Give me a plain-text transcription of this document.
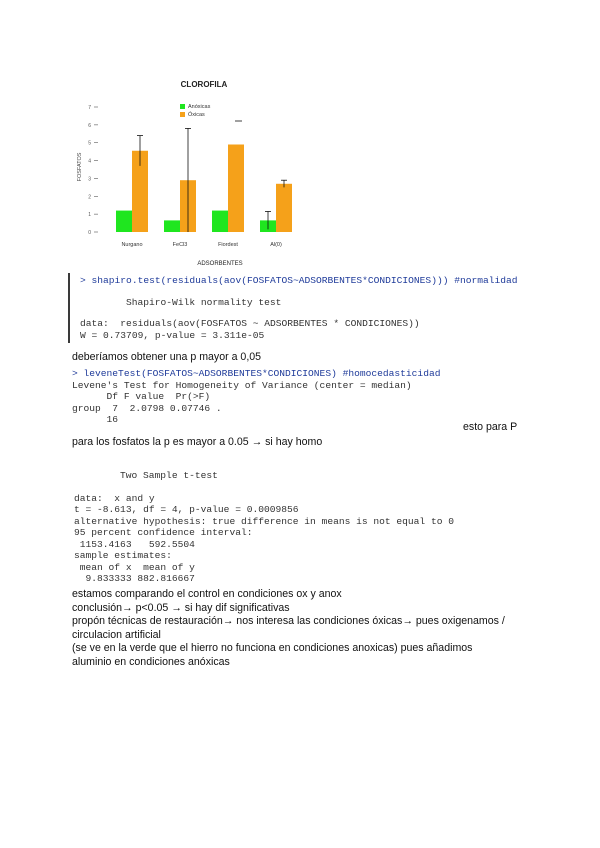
CLOROFILA
FOSFATOS
ADSORBENTES
0
1
2
3
4
5
6
7
Nurgano	FeCl3	Fiordest	Al(0)
Anóxicas
Óxicas
> shapiro.test(residuals(aov(FOSFATOS~ADSORBENTES*CONDICIONES))) #normalidad
Shapiro-Wilk normality test
data:  residuals(aov(FOSFATOS ~ ADSORBENTES * CONDICIONES))
W = 0.73709, p-value = 3.311e-05
deberíamos obtener una p mayor a 0,05
> leveneTest(FOSFATOS~ADSORBENTES*CONDICIONES) #homocedasticidad
Levene's Test for Homogeneity of Variance (center = median)
Df F value  Pr(>F)
group  7  2.0798 0.07746 .
16
esto para P
para los fosfatos la p es mayor a 0.05 → si hay homo
Two Sample t-test
data:  x and y
t = -8.613, df = 4, p-value = 0.0009856
alternative hypothesis: true difference in means is not equal to 0
95 percent confidence interval:
1153.4163   592.5504
sample estimates:
mean of x  mean of y
9.833333 882.816667
estamos comparando el control en condiciones ox y anox
conclusión→ p<0.05 → si hay dif significativas
propón técnicas de restauración→ nos interesa las condiciones óxicas→ pues oxigenamos /
circulacion artificial
(se ve en la verde que el hierro no funciona en condiciones anoxicas) pues añadimos
aluminio en condiciones anóxicas
